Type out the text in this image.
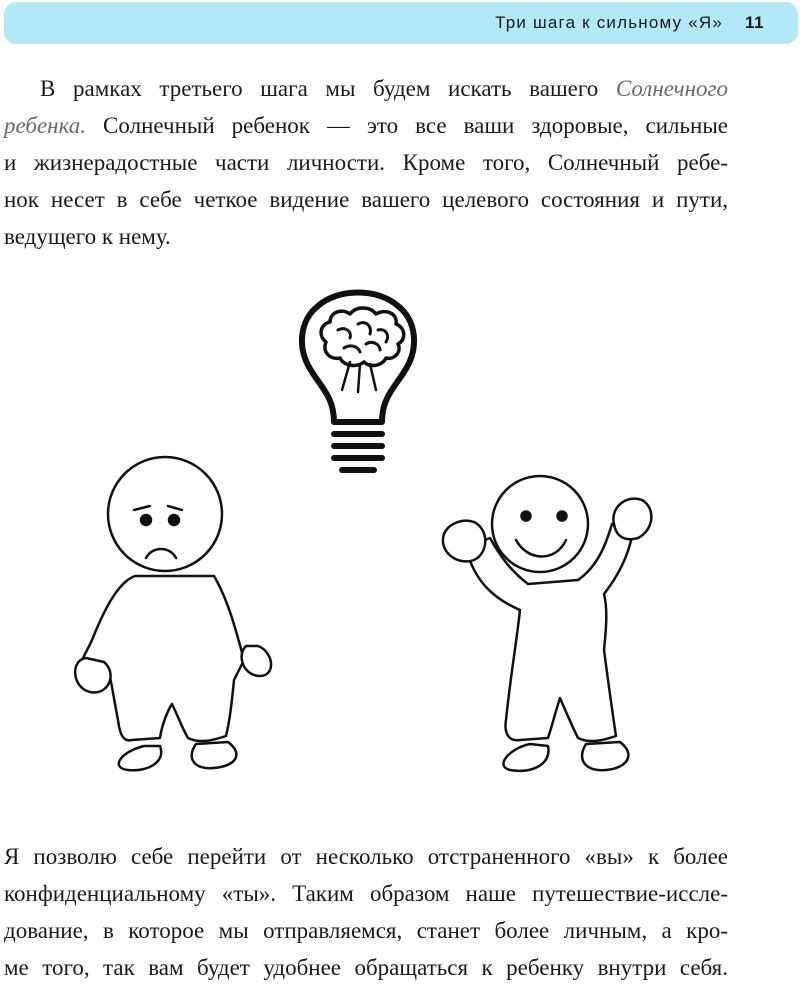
Три шага к сильному «Я» 11
В рамках третьего шага мы будем искать вашего Солнечного
ребенка. Солнечный ребенок — это все ваши здоровые, сильные
и жизнерадостные части личности. Кроме того, Солнечный ребе-
нок несет в себе четкое видение вашего целевого состояния и пути,
ведущего к нему.
Я позволю себе перейти от несколько отстраненного «вы» к более
конфиденциальному «ты». Таким образом наше путешествие-иссле-
дование, в которое мы отправляемся, станет более личным, а кро-
ме того, так вам будет удобнее обращаться к ребенку внутри себя.
